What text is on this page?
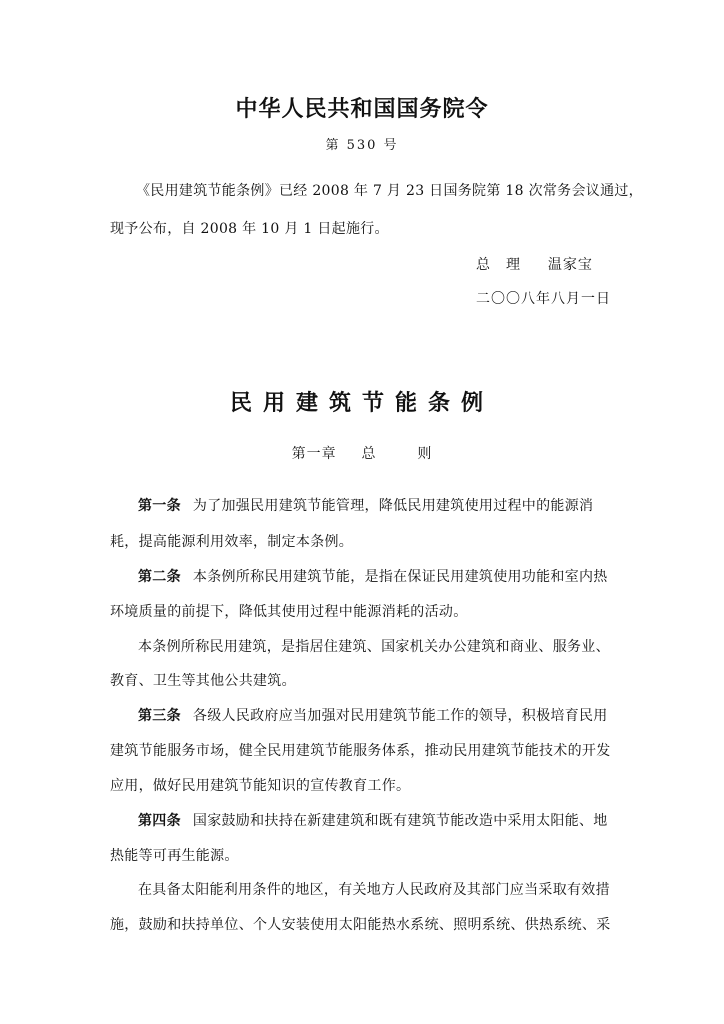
中华人民共和国国务院令
第 530 号
《民用建筑节能条例》已经 2008 年 7 月 23 日国务院第 18 次常务会议通过，
现予公布，自 2008 年 10 月 1 日起施行。
总　理 温家宝
二〇〇八年八月一日
民用建筑节能条例
第一章 总	则
第一条 为了加强民用建筑节能管理，降低民用建筑使用过程中的能源消
耗，提高能源利用效率，制定本条例。
第二条 本条例所称民用建筑节能，是指在保证民用建筑使用功能和室内热
环境质量的前提下，降低其使用过程中能源消耗的活动。
本条例所称民用建筑，是指居住建筑、国家机关办公建筑和商业、服务业、
教育、卫生等其他公共建筑。
第三条 各级人民政府应当加强对民用建筑节能工作的领导，积极培育民用
建筑节能服务市场，健全民用建筑节能服务体系，推动民用建筑节能技术的开发
应用，做好民用建筑节能知识的宣传教育工作。
第四条 国家鼓励和扶持在新建建筑和既有建筑节能改造中采用太阳能、地
热能等可再生能源。
在具备太阳能利用条件的地区，有关地方人民政府及其部门应当采取有效措
施，鼓励和扶持单位、个人安装使用太阳能热水系统、照明系统、供热系统、采
